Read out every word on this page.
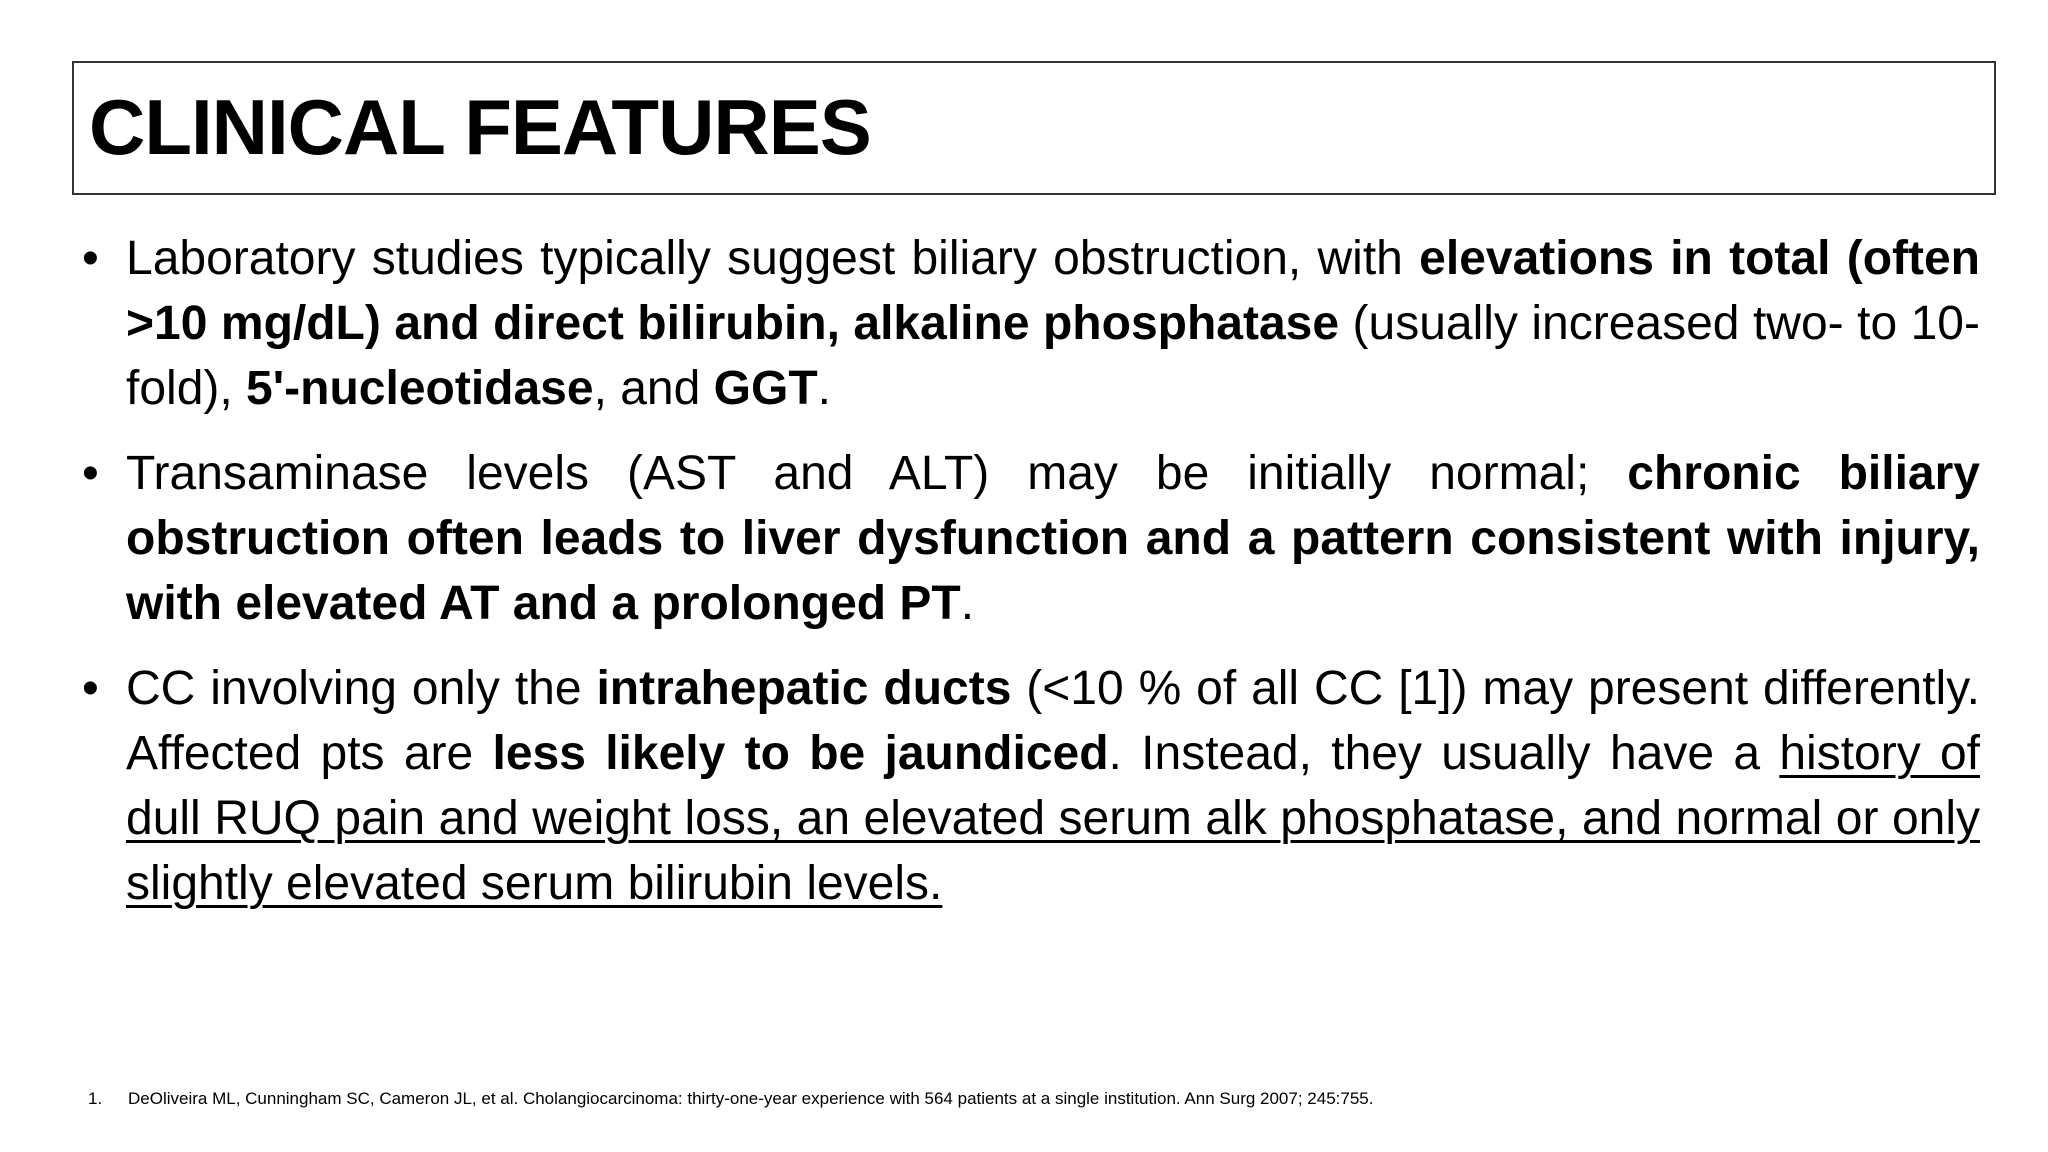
CLINICAL FEATURES
• Laboratory studies typically suggest biliary obstruction, with elevations in total (often >10 mg/dL) and direct bilirubin, alkaline phosphatase (usually increased two- to 10-fold), 5'-nucleotidase, and GGT.
• Transaminase levels (AST and ALT) may be initially normal; chronic biliary obstruction often leads to liver dysfunction and a pattern consistent with injury, with elevated AT and a prolonged PT.
• CC involving only the intrahepatic ducts (<10 % of all CC [1]) may present differently. Affected pts are less likely to be jaundiced. Instead, they usually have a history of dull RUQ pain and weight loss, an elevated serum alk phosphatase, and normal or only slightly elevated serum bilirubin levels.
1. DeOliveira ML, Cunningham SC, Cameron JL, et al. Cholangiocarcinoma: thirty-one-year experience with 564 patients at a single institution. Ann Surg 2007; 245:755.
